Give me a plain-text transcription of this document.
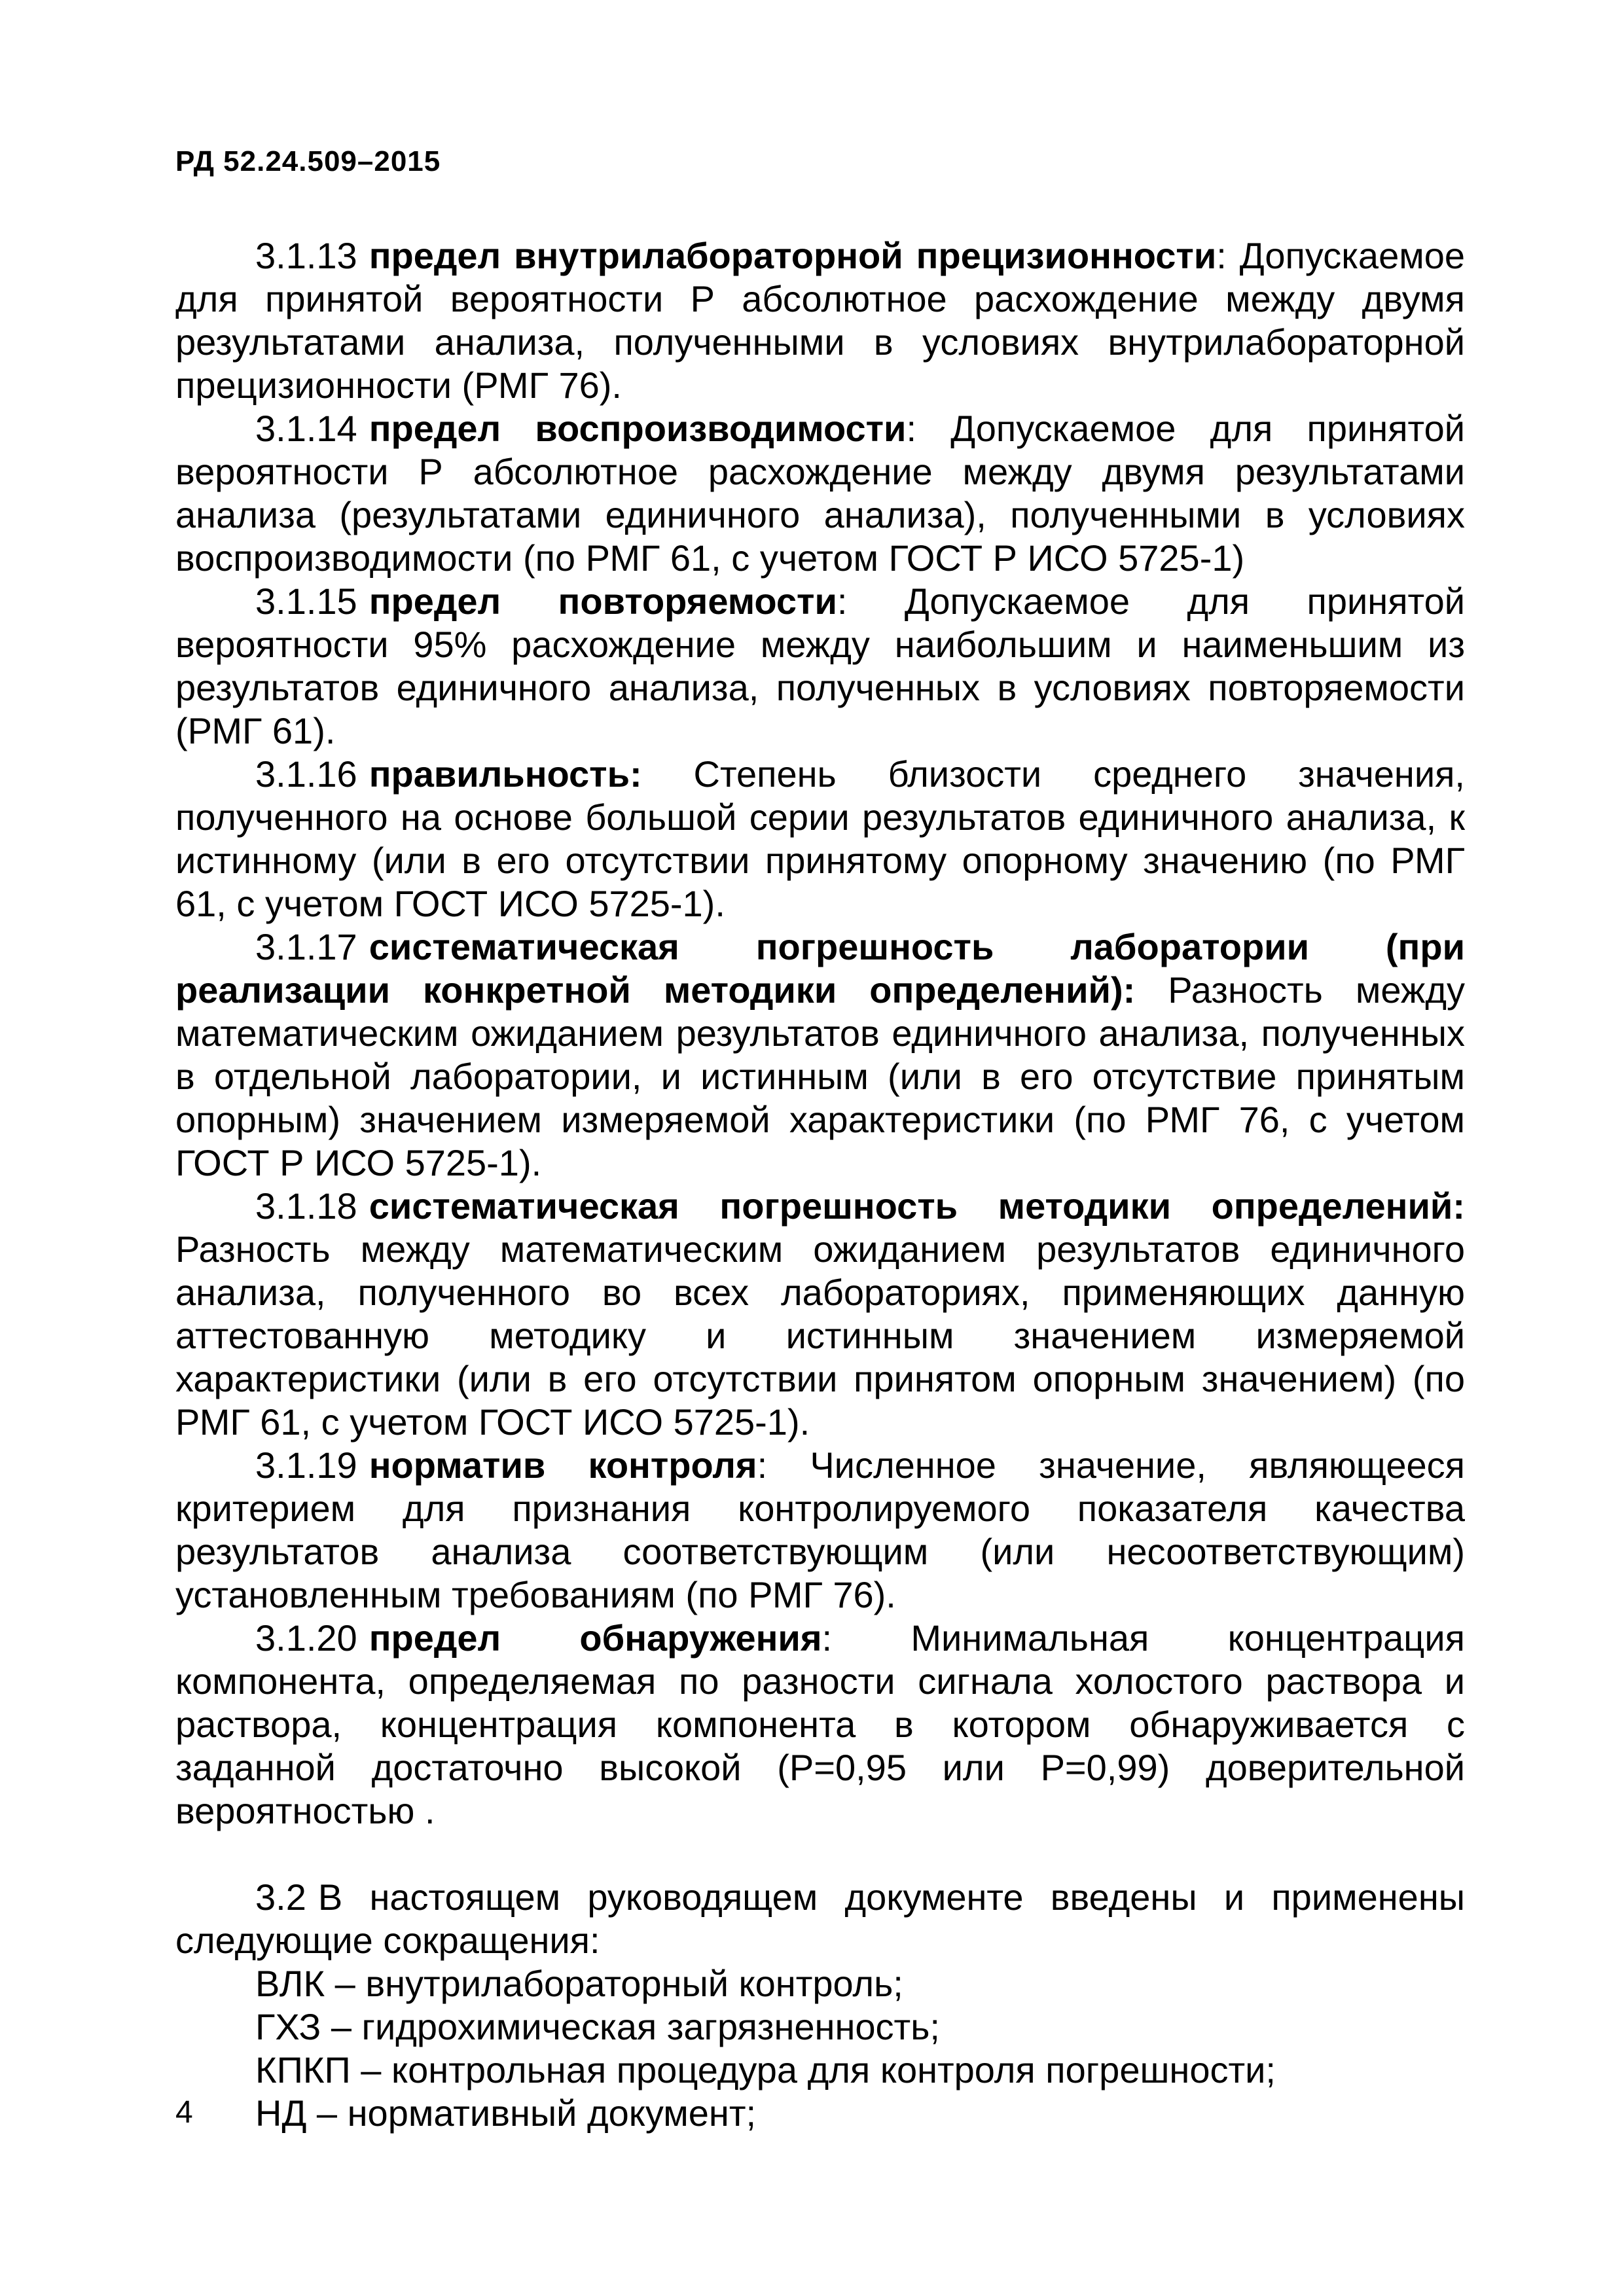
РД 52.24.509–2015

3.1.13 предел внутрилабораторной прецизионности: Допускаемое для принятой вероятности Р абсолютное расхождение между двумя результатами анализа, полученными в условиях внутрилабораторной прецизионности (РМГ 76).

3.1.14 предел воспроизводимости: Допускаемое для принятой вероятности Р абсолютное расхождение между двумя результатами анализа (результатами единичного анализа), полученными в условиях воспроизводимости (по РМГ 61, с учетом ГОСТ Р ИСО 5725-1)

3.1.15 предел повторяемости: Допускаемое для принятой вероятности 95% расхождение между наибольшим и наименьшим из результатов единичного анализа, полученных в условиях повторяемости (РМГ 61).

3.1.16 правильность: Степень близости среднего значения, полученного на основе большой серии результатов единичного анализа, к истинному (или в его отсутствии принятому опорному значению (по РМГ 61, с учетом ГОСТ ИСО 5725-1).

3.1.17 систематическая погрешность лаборатории (при реализации конкретной методики определений): Разность между математическим ожиданием результатов единичного анализа, полученных в отдельной лаборатории, и истинным (или в его отсутствие принятым опорным) значением измеряемой характеристики (по РМГ 76, с учетом ГОСТ Р ИСО 5725-1).

3.1.18 систематическая погрешность методики определений: Разность между математическим ожиданием результатов единичного анализа, полученного во всех лабораториях, применяющих данную аттестованную методику и истинным значением измеряемой характеристики (или в его отсутствии принятом опорным значением) (по РМГ 61, с учетом ГОСТ ИСО 5725-1).

3.1.19 норматив контроля: Численное значение, являющееся критерием для признания контролируемого показателя качества результатов анализа соответствующим (или несоответствующим) установленным требованиям (по РМГ 76).

3.1.20 предел обнаружения: Минимальная концентрация компонента, определяемая по разности сигнала холостого раствора и раствора, концентрация компонента в котором обнаруживается с заданной достаточно высокой (Р=0,95 или Р=0,99) доверительной вероятностью .

3.2 В настоящем руководящем документе введены и применены следующие сокращения:

ВЛК – внутрилабораторный контроль;

ГХЗ – гидрохимическая загрязненность;

КПКП – контрольная процедура для контроля погрешности;

НД – нормативный документ;

4
